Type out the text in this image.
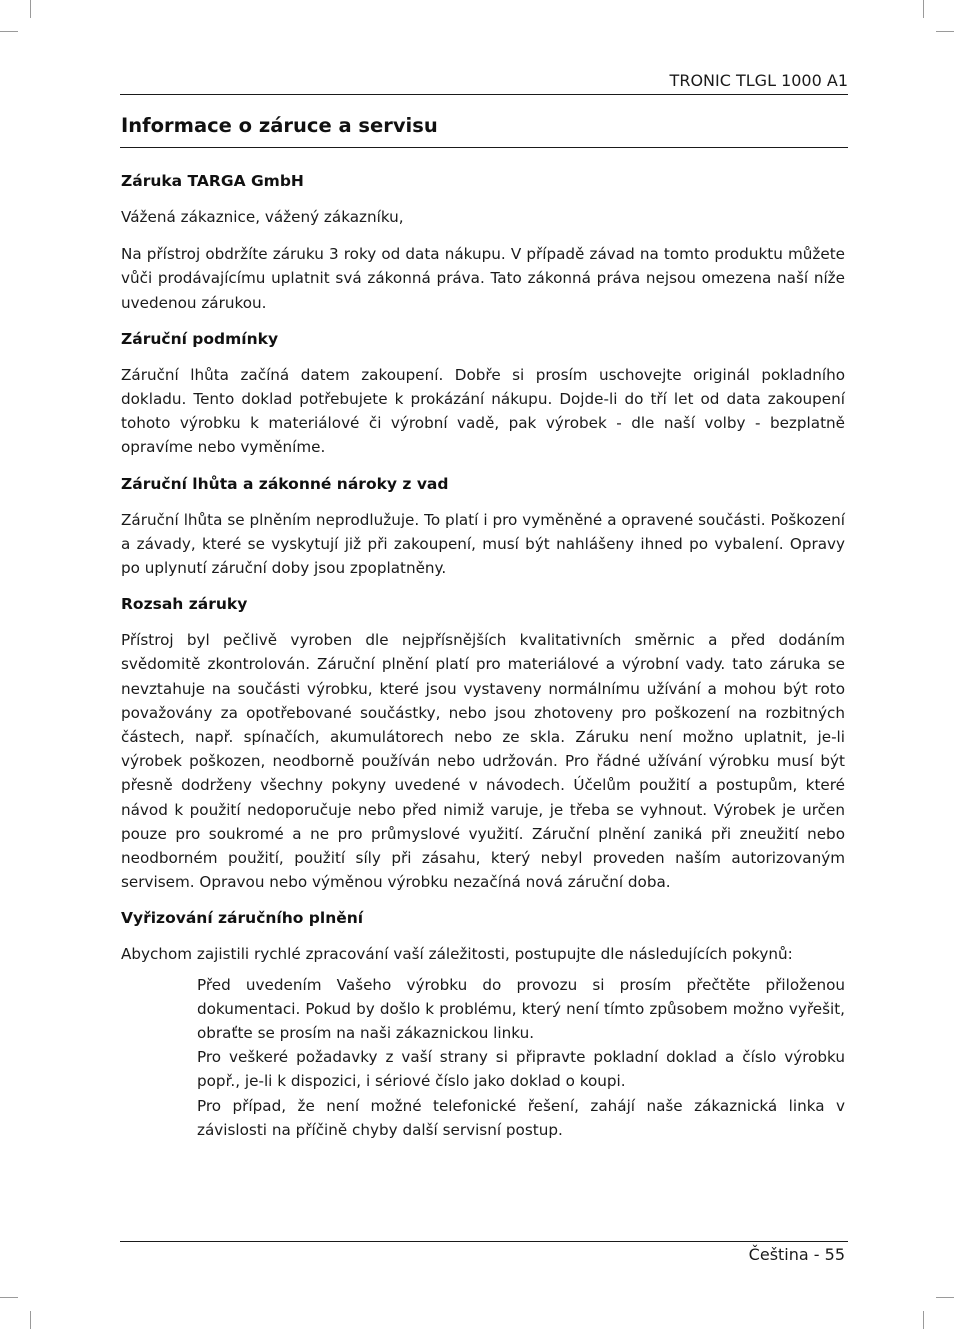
TRONIC TLGL 1000 A1
Informace o záruce a servisu
Záruka TARGA GmbH

Vážená zákaznice, vážený zákazníku,

Na přístroj obdržíte záruku 3 roky od data nákupu. V případě závad na tomto produktu můžete vůči prodávajícímu uplatnit svá zákonná práva. Tato zákonná práva nejsou omezena naší níže uvedenou zárukou.

Záruční podmínky

Záruční lhůta začíná datem zakoupení. Dobře si prosím uschovejte originál pokladního dokladu. Tento doklad potřebujete k prokázání nákupu. Dojde-li do tří let od data zakoupení tohoto výrobku k materiálové či výrobní vadě, pak výrobek - dle naší volby - bezplatně opravíme nebo vyměníme.

Záruční lhůta a zákonné nároky z vad

Záruční lhůta se plněním neprodlužuje. To platí i pro vyměněné a opravené součásti. Poškození a závady, které se vyskytují již při zakoupení, musí být nahlášeny ihned po vybalení. Opravy po uplynutí záruční doby jsou zpoplatněny.

Rozsah záruky

Přístroj byl pečlivě vyroben dle nejpřísnějších kvalitativních směrnic a před dodáním svědomitě zkontrolován. Záruční plnění platí pro materiálové a výrobní vady. tato záruka se nevztahuje na součásti výrobku, které jsou vystaveny normálnímu užívání a mohou být roto považovány za opotřebované součástky, nebo jsou zhotoveny pro poškození na rozbitných částech, např. spínačích, akumulátorech nebo ze skla. Záruku není možno uplatnit, je-li výrobek poškozen, neodborně používán nebo udržován. Pro řádné užívání výrobku musí být přesně dodrženy všechny pokyny uvedené v návodech. Účelům použití a postupům, které návod k použití nedoporučuje nebo před nimiž varuje, je třeba se vyhnout. Výrobek je určen pouze pro soukromé a ne pro průmyslové využití. Záruční plnění zaniká při zneužití nebo neodborném použití, použití síly při zásahu, který nebyl proveden naším autorizovaným servisem. Opravou nebo výměnou výrobku nezačíná nová záruční doba.

Vyřizování záručního plnění

Abychom zajistili rychlé zpracování vaší záležitosti, postupujte dle následujících pokynů:

Před uvedením Vašeho výrobku do provozu si prosím přečtěte přiloženou dokumentaci. Pokud by došlo k problému, který není tímto způsobem možno vyřešit, obraťte se prosím na naši zákaznickou linku.
Pro veškeré požadavky z vaší strany si připravte pokladní doklad a číslo výrobku popř., je-li k dispozici, i sériové číslo jako doklad o koupi.
Pro případ, že není možné telefonické řešení, zahájí naše zákaznická linka v závislosti na příčině chyby další servisní postup.
Čeština - 55
